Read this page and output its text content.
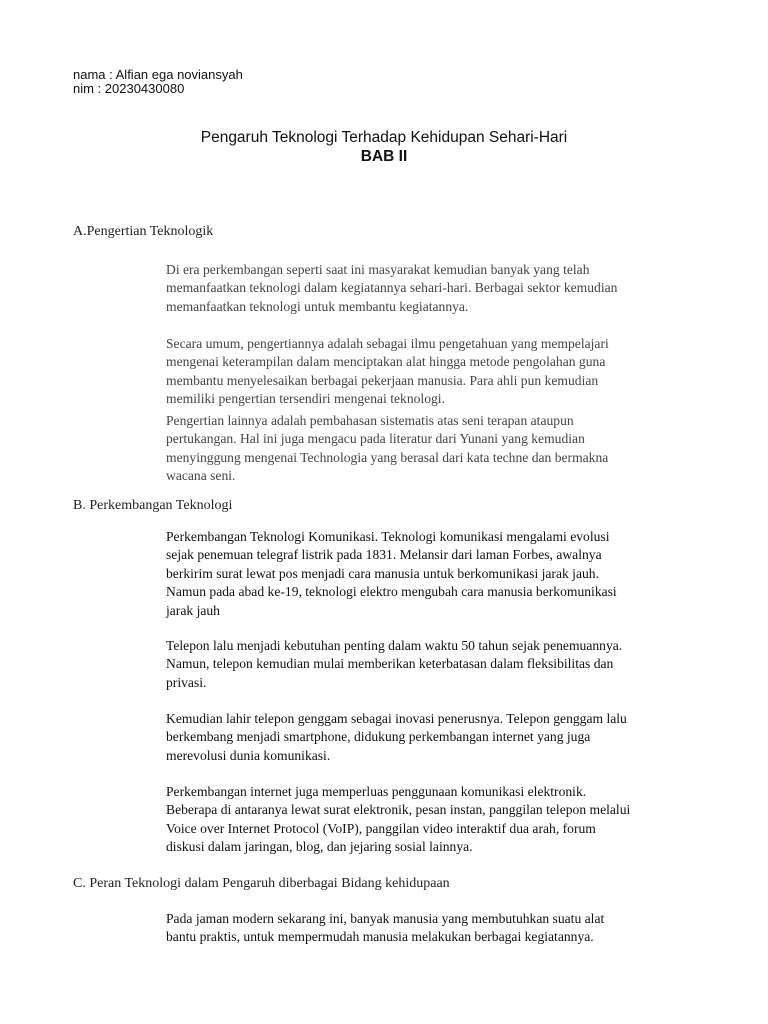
nama : Alfian ega noviansyah
nim : 20230430080
Pengaruh Teknologi Terhadap Kehidupan Sehari-Hari
BAB II
A.Pengertian Teknologik
Di era perkembangan seperti saat ini masyarakat kemudian banyak yang telah
memanfaatkan teknologi dalam kegiatannya sehari-hari. Berbagai sektor kemudian
memanfaatkan teknologi untuk membantu kegiatannya.
Secara umum, pengertiannya adalah sebagai ilmu pengetahuan yang mempelajari
mengenai keterampilan dalam menciptakan alat hingga metode pengolahan guna
membantu menyelesaikan berbagai pekerjaan manusia. Para ahli pun kemudian
memiliki pengertian tersendiri mengenai teknologi.
Pengertian lainnya adalah pembahasan sistematis atas seni terapan ataupun
pertukangan. Hal ini juga mengacu pada literatur dari Yunani yang kemudian
menyinggung mengenai Technologia yang berasal dari kata techne dan bermakna
wacana seni.
B. Perkembangan Teknologi
Perkembangan Teknologi Komunikasi. Teknologi komunikasi mengalami evolusi
sejak penemuan telegraf listrik pada 1831. Melansir dari laman Forbes, awalnya
berkirim surat lewat pos menjadi cara manusia untuk berkomunikasi jarak jauh.
Namun pada abad ke-19, teknologi elektro mengubah cara manusia berkomunikasi
jarak jauh
Telepon lalu menjadi kebutuhan penting dalam waktu 50 tahun sejak penemuannya.
Namun, telepon kemudian mulai memberikan keterbatasan dalam fleksibilitas dan
privasi.
Kemudian lahir telepon genggam sebagai inovasi penerusnya. Telepon genggam lalu
berkembang menjadi smartphone, didukung perkembangan internet yang juga
merevolusi dunia komunikasi.
Perkembangan internet juga memperluas penggunaan komunikasi elektronik.
Beberapa di antaranya lewat surat elektronik, pesan instan, panggilan telepon melalui
Voice over Internet Protocol (VoIP), panggilan video interaktif dua arah, forum
diskusi dalam jaringan, blog, dan jejaring sosial lainnya.
C. Peran Teknologi dalam Pengaruh diberbagai Bidang kehidupaan
Pada jaman modern sekarang ini, banyak manusia yang membutuhkan suatu alat
bantu praktis, untuk mempermudah manusia melakukan berbagai kegiatannya.
